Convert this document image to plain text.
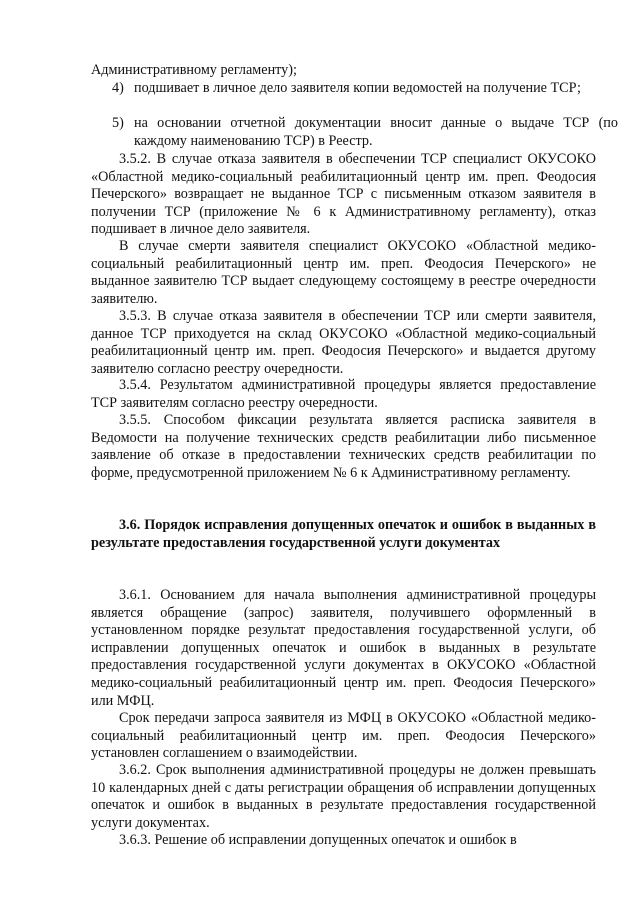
Административному регламенту);

4) подшивает в личное дело заявителя копии ведомостей на получение ТСР;
5) на основании отчетной документации вносит данные о выдаче ТСР (по каждому наименованию ТСР) в Реестр.

3.5.2. В случае отказа заявителя в обеспечении ТСР специалист ОКУСОКО «Областной медико-социальный реабилитационный центр им. преп. Феодосия Печерского» возвращает не выданное ТСР с письменным отказом заявителя в получении ТСР (приложение № 6 к Административному регламенту), отказ подшивает в личное дело заявителя.

В случае смерти заявителя специалист ОКУСОКО «Областной медико-социальный реабилитационный центр им. преп. Феодосия Печерского» не выданное заявителю ТСР выдает следующему состоящему в реестре очередности заявителю.

3.5.3. В случае отказа заявителя в обеспечении ТСР или смерти заявителя, данное ТСР приходуется на склад ОКУСОКО «Областной медико-социальный реабилитационный центр им. преп. Феодосия Печерского» и выдается другому заявителю согласно реестру очередности.

3.5.4. Результатом административной процедуры является предоставление ТСР заявителям согласно реестру очередности.

3.5.5. Способом фиксации результата является расписка заявителя в Ведомости на получение технических средств реабилитации либо письменное заявление об отказе в предоставлении технических средств реабилитации по форме, предусмотренной приложением № 6 к Административному регламенту.

3.6. Порядок исправления допущенных опечаток и ошибок в выданных в результате предоставления государственной услуги документах

3.6.1. Основанием для начала выполнения административной процедуры является обращение (запрос) заявителя, получившего оформленный в установленном порядке результат предоставления государственной услуги, об исправлении допущенных опечаток и ошибок в выданных в результате предоставления государственной услуги документах в ОКУСОКО «Областной медико-социальный реабилитационный центр им. преп. Феодосия Печерского» или МФЦ.

Срок передачи запроса заявителя из МФЦ в ОКУСОКО «Областной медико-социальный реабилитационный центр им. преп. Феодосия Печерского» установлен соглашением о взаимодействии.

3.6.2. Срок выполнения административной процедуры не должен превышать 10 календарных дней с даты регистрации обращения об исправлении допущенных опечаток и ошибок в выданных в результате предоставления государственной услуги документах.

3.6.3. Решение об исправлении допущенных опечаток и ошибок в
